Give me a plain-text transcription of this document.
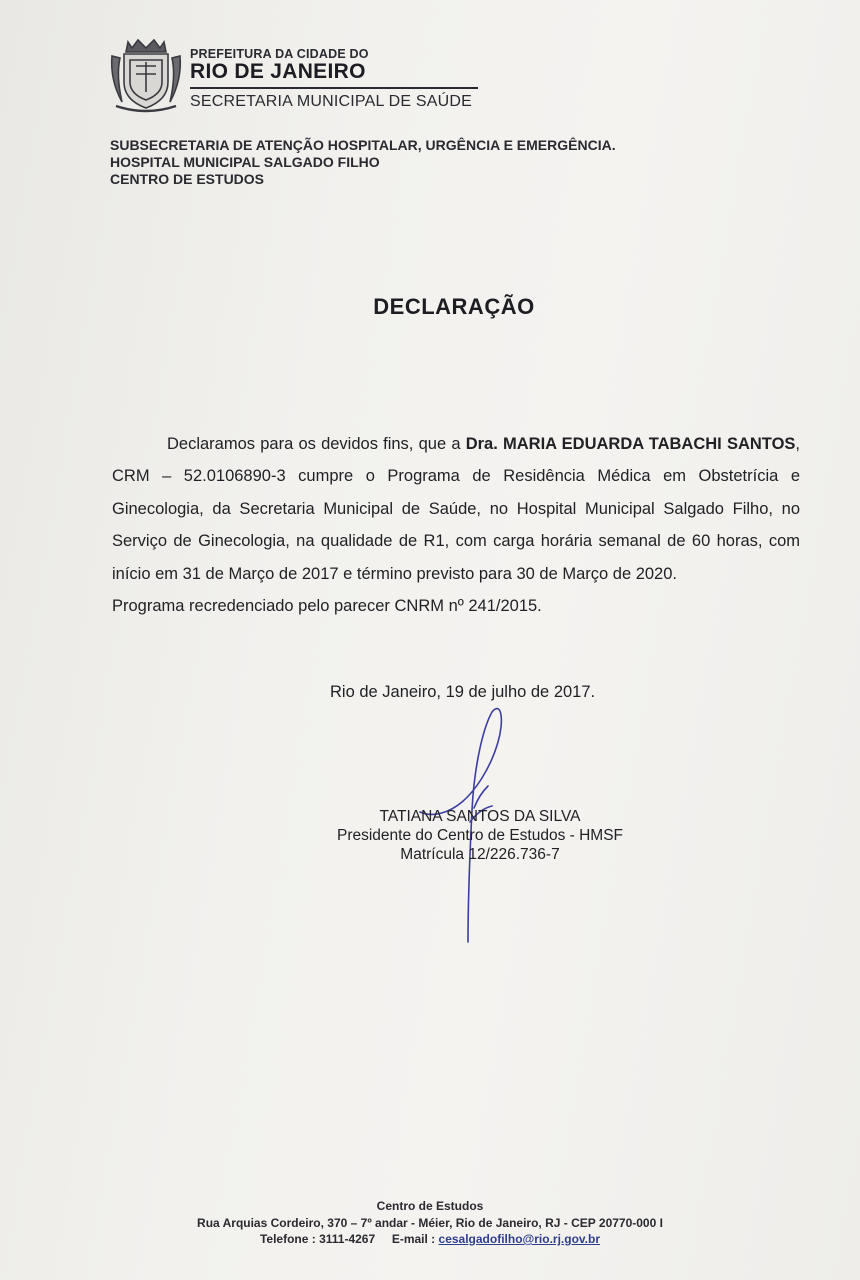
PREFEITURA DA CIDADE DO
RIO DE JANEIRO
SECRETARIA MUNICIPAL DE SAÚDE
SUBSECRETARIA DE ATENÇÃO HOSPITALAR, URGÊNCIA E EMERGÊNCIA.
HOSPITAL MUNICIPAL SALGADO FILHO
CENTRO DE ESTUDOS
DECLARAÇÃO

Declaramos para os devidos fins, que a Dra. MARIA EDUARDA TABACHI SANTOS, CRM – 52.0106890-3 cumpre o Programa de Residência Médica em Obstetrícia e Ginecologia, da Secretaria Municipal de Saúde, no Hospital Municipal Salgado Filho, no Serviço de Ginecologia, na qualidade de R1, com carga horária semanal de 60 horas, com início em 31 de Março de 2017 e término previsto para 30 de Março de 2020.

Programa recredenciado pelo parecer CNRM nº 241/2015.

Rio de Janeiro, 19 de julho de 2017.
TATIANA SANTOS DA SILVA
Presidente do Centro de Estudos - HMSF
Matrícula 12/226.736-7
Centro de Estudos
Rua Arquias Cordeiro, 370 – 7º andar - Méier, Rio de Janeiro, RJ - CEP 20770-000 I
Telefone : 3111-4267 E-mail : cesalgadofilho@rio.rj.gov.br
